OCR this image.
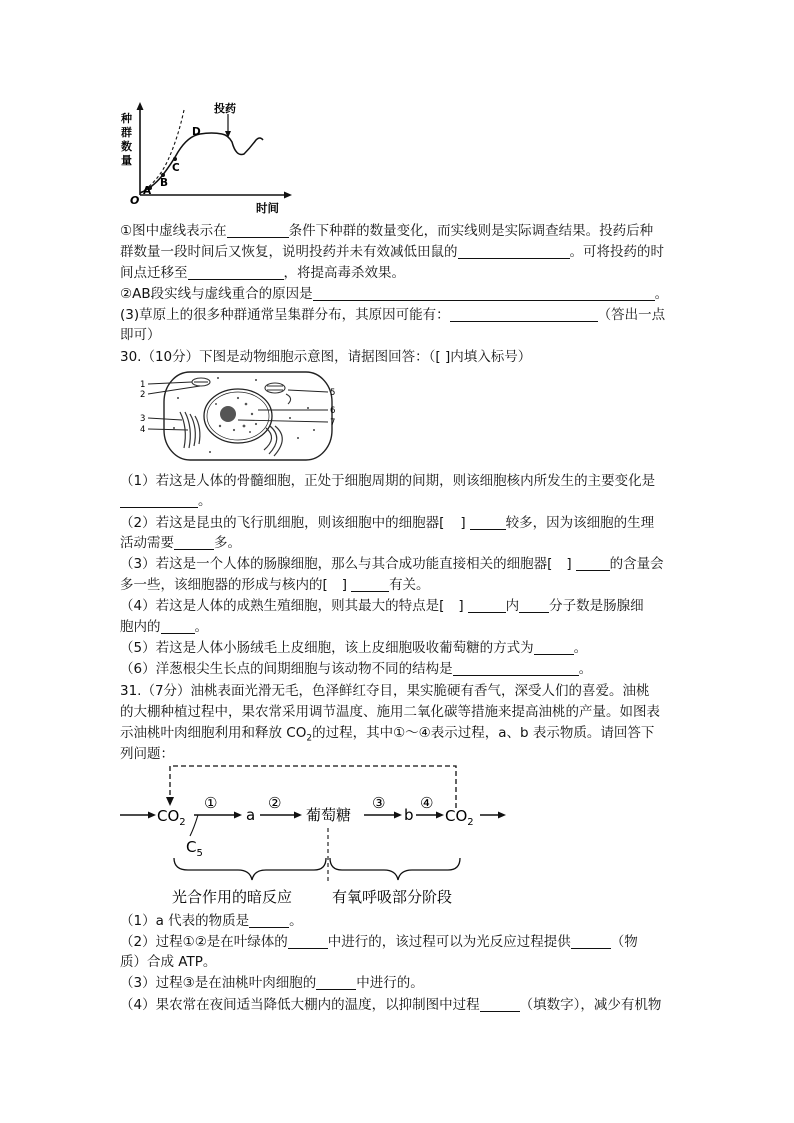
投药
A
B
C
D
O
时间
种
群
数
量
①图中虚线表示在	条件下种群的数量变化，而实线则是实际调查结果。投药后种
群数量一段时间后又恢复，说明投药并未有效减低田鼠的	。可将投药的时
间点迁移至	，将提高毒杀效果。
②AB段实线与虚线重合的原因是	。
(3)草原上的很多种群通常呈集群分布，其原因可能有：	（答出一点
即可）
30.（10分）下图是动物细胞示意图，请据图回答：（[ ]内填入标号）
1
2
3
4
5
6
7
（1）若这是人体的骨髓细胞，正处于细胞周期的间期，则该细胞核内所发生的主要变化是
。
（2）若这是昆虫的飞行肌细胞，则该细胞中的细胞器[ ]	较多，因为该细胞的生理
活动需要	多。
（3）若这是一个人体的肠腺细胞，那么与其合成功能直接相关的细胞器[ ]	的含量会
多一些，该细胞器的形成与核内的[ ]	有关。
（4）若这是人体的成熟生殖细胞，则其最大的特点是[ ]	内 分子数是肠腺细
胞内的	。
（5）若这是人体小肠绒毛上皮细胞，该上皮细胞吸收葡萄糖的方式为	。
（6）洋葱根尖生长点的间期细胞与该动物不同的结构是	。
31.（7分）油桃表面光滑无毛，色泽鲜红夺目，果实脆硬有香气，深受人们的喜爱。油桃
的大棚种植过程中，果农常采用调节温度、施用二氧化碳等措施来提高油桃的产量。如图表
示油桃叶肉细胞利用和释放 $CO_2$的过程，其中①～④表示过程，a、b 表示物质。请回答下
列问题：
$CO_2$
①
$C_5$
a
②
葡萄糖
③
b
④
$CO_2$
光合作用的暗反应	有氧呼吸部分阶段
（1）a 代表的物质是	。
（2）过程①②是在叶绿体的	中进行的，该过程可以为光反应过程提供	（物
质）合成 ATP。
（3）过程③是在油桃叶肉细胞的	中进行的。
（4）果农常在夜间适当降低大棚内的温度，以抑制图中过程	（填数字），减少有机物
